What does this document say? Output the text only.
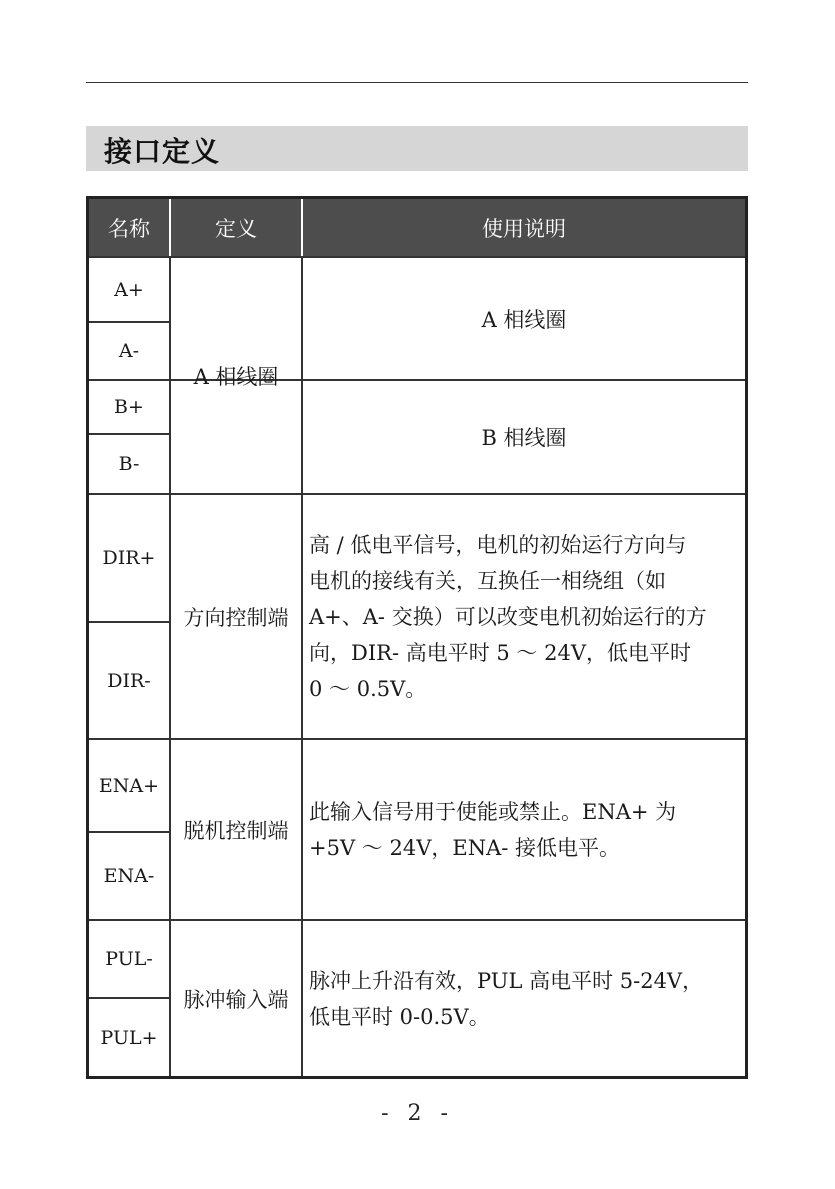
接口定义
名称	定义	使用说明
A+
A-
B+
B-
A 相线圈
A 相线圈
B 相线圈
DIR+
DIR-
方向控制端
高 / 低电平信号，电机的初始运行方向与
电机的接线有关，互换任一相绕组（如
A+、A- 交换）可以改变电机初始运行的方
向，DIR- 高电平时 5 ～ 24V，低电平时
0 ～ 0.5V。
ENA+
ENA-
脱机控制端
此输入信号用于使能或禁止。ENA+ 为
+5V ～ 24V，ENA- 接低电平。
PUL-
PUL+
脉冲输入端
脉冲上升沿有效，PUL 高电平时 5-24V，
低电平时 0-0.5V。
- 2 -
